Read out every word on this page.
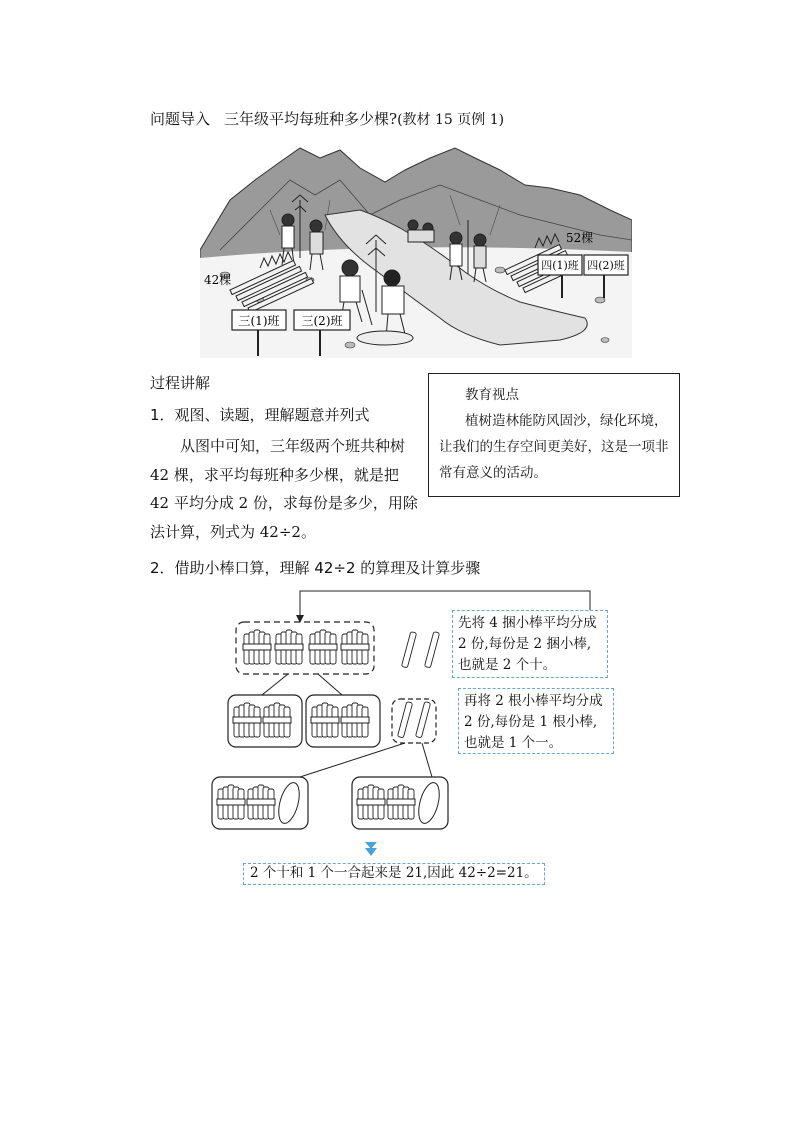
问题导入 三年级平均每班种多少棵?(教材 15 页例 1)
三(1)班 三(2)班
四(1)班 四(2)班
42棵
52棵
过程讲解
1．观图、读题，理解题意并列式
从图中可知，三年级两个班共种树 42 棵，求平均每班种多少棵，就是把 42 平均分成 2 份，求每份是多少，用除法计算，列式为 42÷2。
教育视点
植树造林能防风固沙，绿化环境，让我们的生存空间更美好，这是一项非常有意义的活动。
2．借助小棒口算，理解 42÷2 的算理及计算步骤
先将 4 捆小棒平均分成 2 份,每份是 2 捆小棒,也就是 2 个十。
再将 2 根小棒平均分成 2 份,每份是 1 根小棒,也就是 1 个一。
2 个十和 1 个一合起来是 21,因此 42÷2=21。
